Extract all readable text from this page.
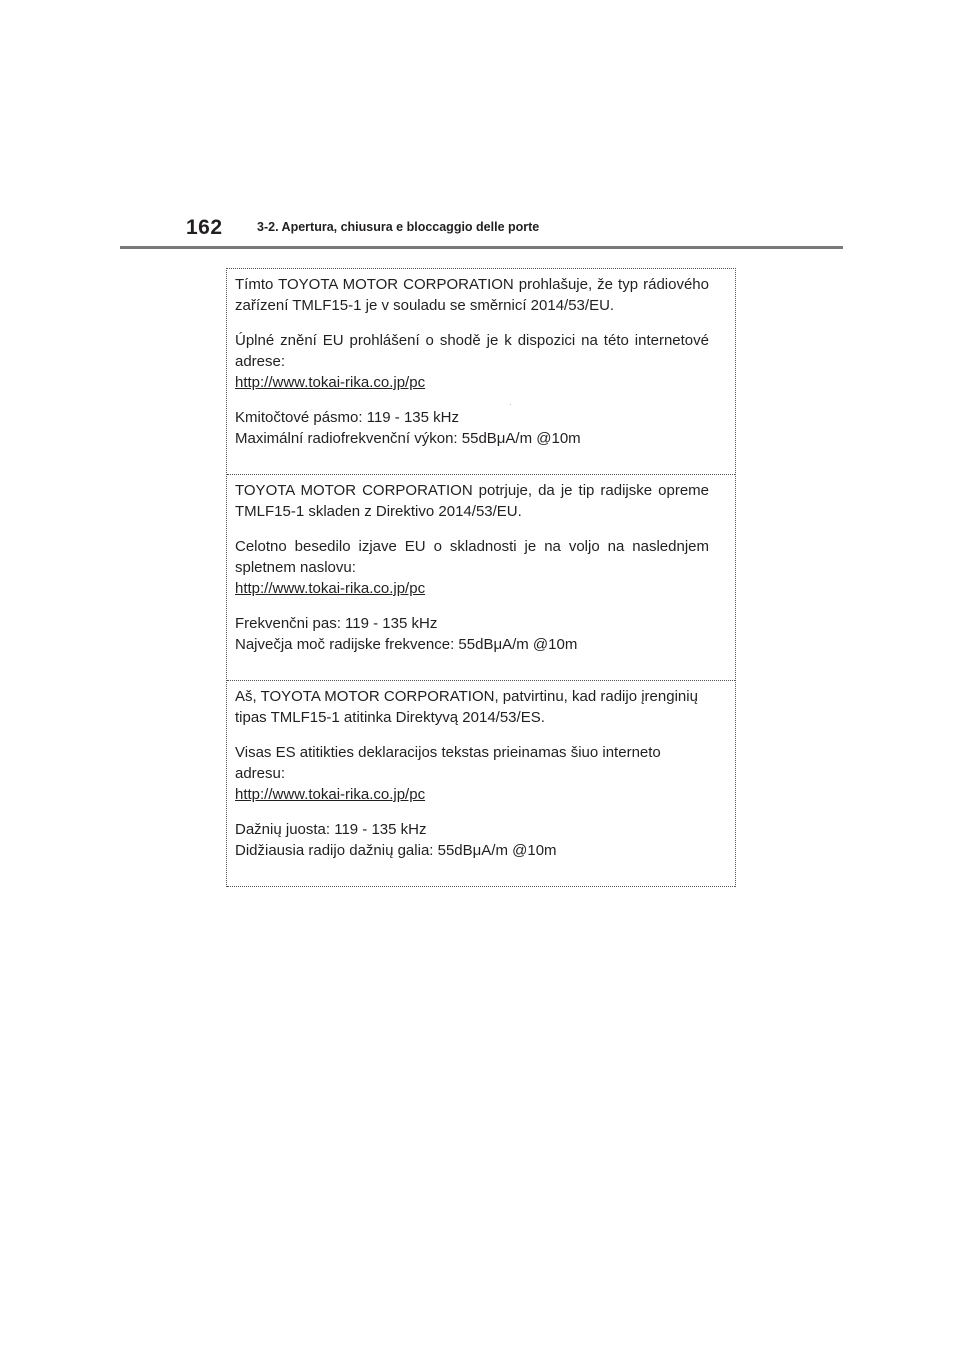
162	3-2. Apertura, chiusura e bloccaggio delle porte

Tímto TOYOTA MOTOR CORPORATION prohlašuje, že typ rádiového zařízení TMLF15-1 je v souladu se směrnicí 2014/53/EU.

Úplné znění EU prohlášení o shodě je k dispozici na této internetové adrese:

http://www.tokai-rika.co.jp/pc
·

Kmitočtové pásmo: 119 - 135 kHz

Maximální radiofrekvenční výkon: 55dBμA/m @10m

TOYOTA MOTOR CORPORATION potrjuje, da je tip radijske opreme TMLF15-1 skladen z Direktivo 2014/53/EU.

Celotno besedilo izjave EU o skladnosti je na voljo na naslednjem spletnem naslovu:

http://www.tokai-rika.co.jp/pc

Frekvenčni pas: 119 - 135 kHz

Največja moč radijske frekvence: 55dBμA/m @10m

Aš, TOYOTA MOTOR CORPORATION, patvirtinu, kad radijo įrenginių tipas TMLF15-1 atitinka Direktyvą 2014/53/ES.

Visas ES atitikties deklaracijos tekstas prieinamas šiuo interneto adresu:

http://www.tokai-rika.co.jp/pc

Dažnių juosta: 119 - 135 kHz

Didžiausia radijo dažnių galia: 55dBμA/m @10m
